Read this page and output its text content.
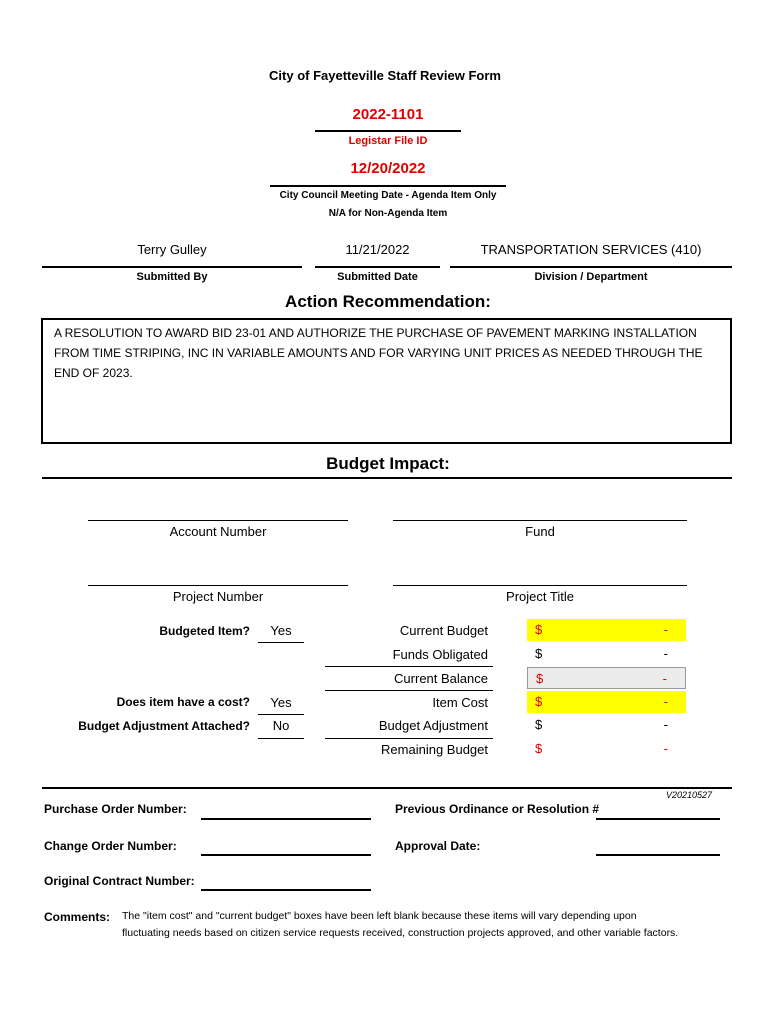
City of Fayetteville Staff Review Form
2022-1101
Legistar File ID
12/20/2022
City Council Meeting Date - Agenda Item Only
N/A for Non-Agenda Item
Terry Gulley
Submitted By
11/21/2022
Submitted Date
TRANSPORTATION SERVICES (410)
Division / Department
Action Recommendation:
A RESOLUTION TO AWARD BID 23-01 AND AUTHORIZE THE PURCHASE OF PAVEMENT MARKING INSTALLATION FROM TIME STRIPING, INC IN VARIABLE AMOUNTS AND FOR VARYING UNIT PRICES AS NEEDED THROUGH THE END OF 2023.
Budget Impact:
Account Number	Fund
Project Number	Project Title
Budgeted Item?	Yes
Does item have a cost?	Yes
Budget Adjustment Attached?	No
Current Budget	$	-
Funds Obligated	$	-
Current Balance	$	-
Item Cost	$	-
Budget Adjustment	$	-
Remaining Budget	$	-
V20210527
Purchase Order Number:	Previous Ordinance or Resolution #
Change Order Number:	Approval Date:
Original Contract Number:
Comments: The "item cost" and "current budget" boxes have been left blank because these items will vary depending upon fluctuating needs based on citizen service requests received, construction projects approved, and other variable factors.
